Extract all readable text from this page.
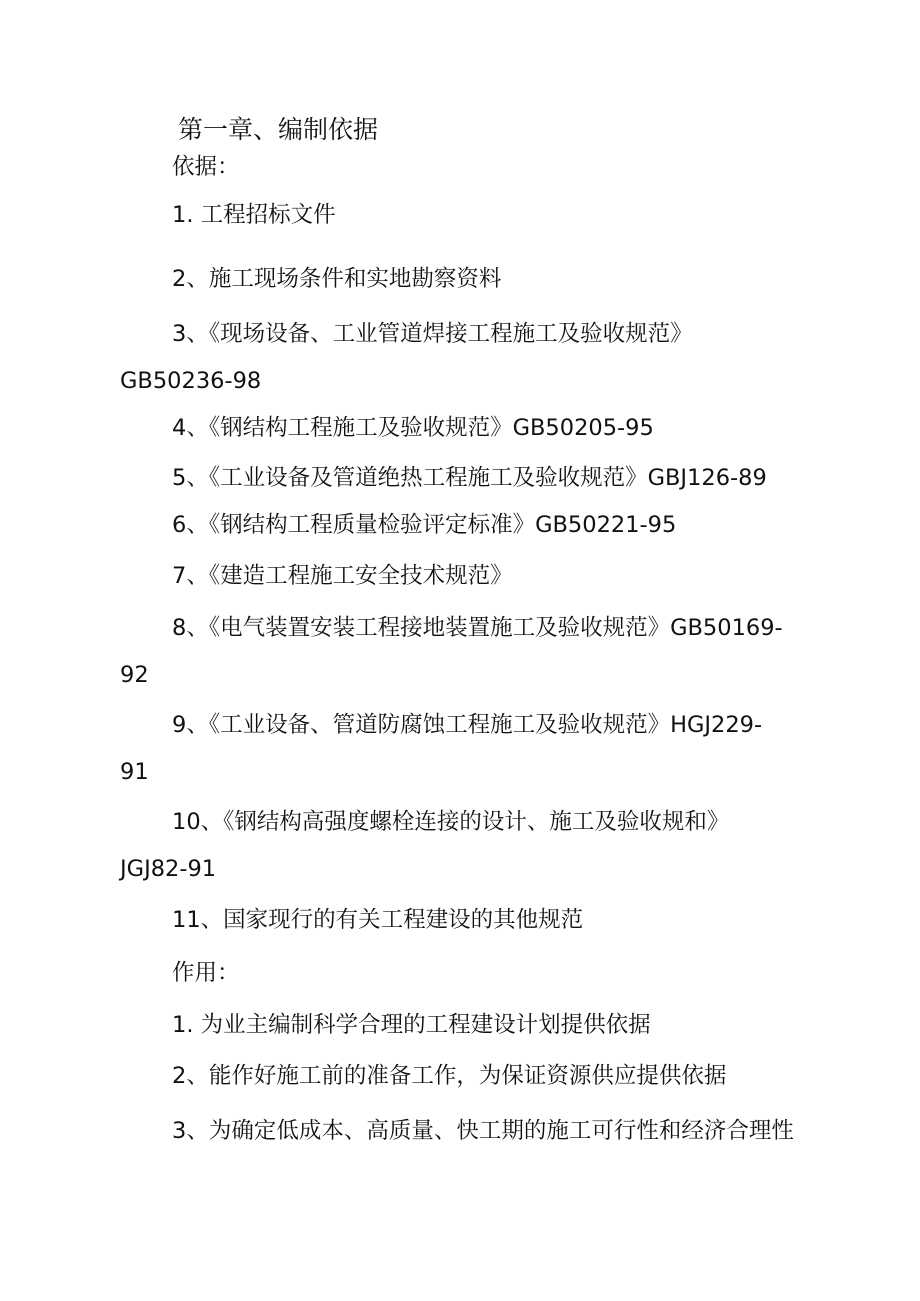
第一章、编制依据
依据：
1. 工程招标文件
2、施工现场条件和实地勘察资料
3、《现场设备、工业管道焊接工程施工及验收规范》
GB50236-98
4、《钢结构工程施工及验收规范》GB50205-95
5、《工业设备及管道绝热工程施工及验收规范》GBJ126-89
6、《钢结构工程质量检验评定标准》GB50221-95
7、《建造工程施工安全技术规范》
8、《电气装置安装工程接地装置施工及验收规范》GB50169-
92
9、《工业设备、管道防腐蚀工程施工及验收规范》HGJ229-
91
10、《钢结构高强度螺栓连接的设计、施工及验收规和》
JGJ82-91
11、国家现行的有关工程建设的其他规范
作用：
1. 为业主编制科学合理的工程建设计划提供依据
2、能作好施工前的准备工作，为保证资源供应提供依据
3、为确定低成本、高质量、快工期的施工可行性和经济合理性
